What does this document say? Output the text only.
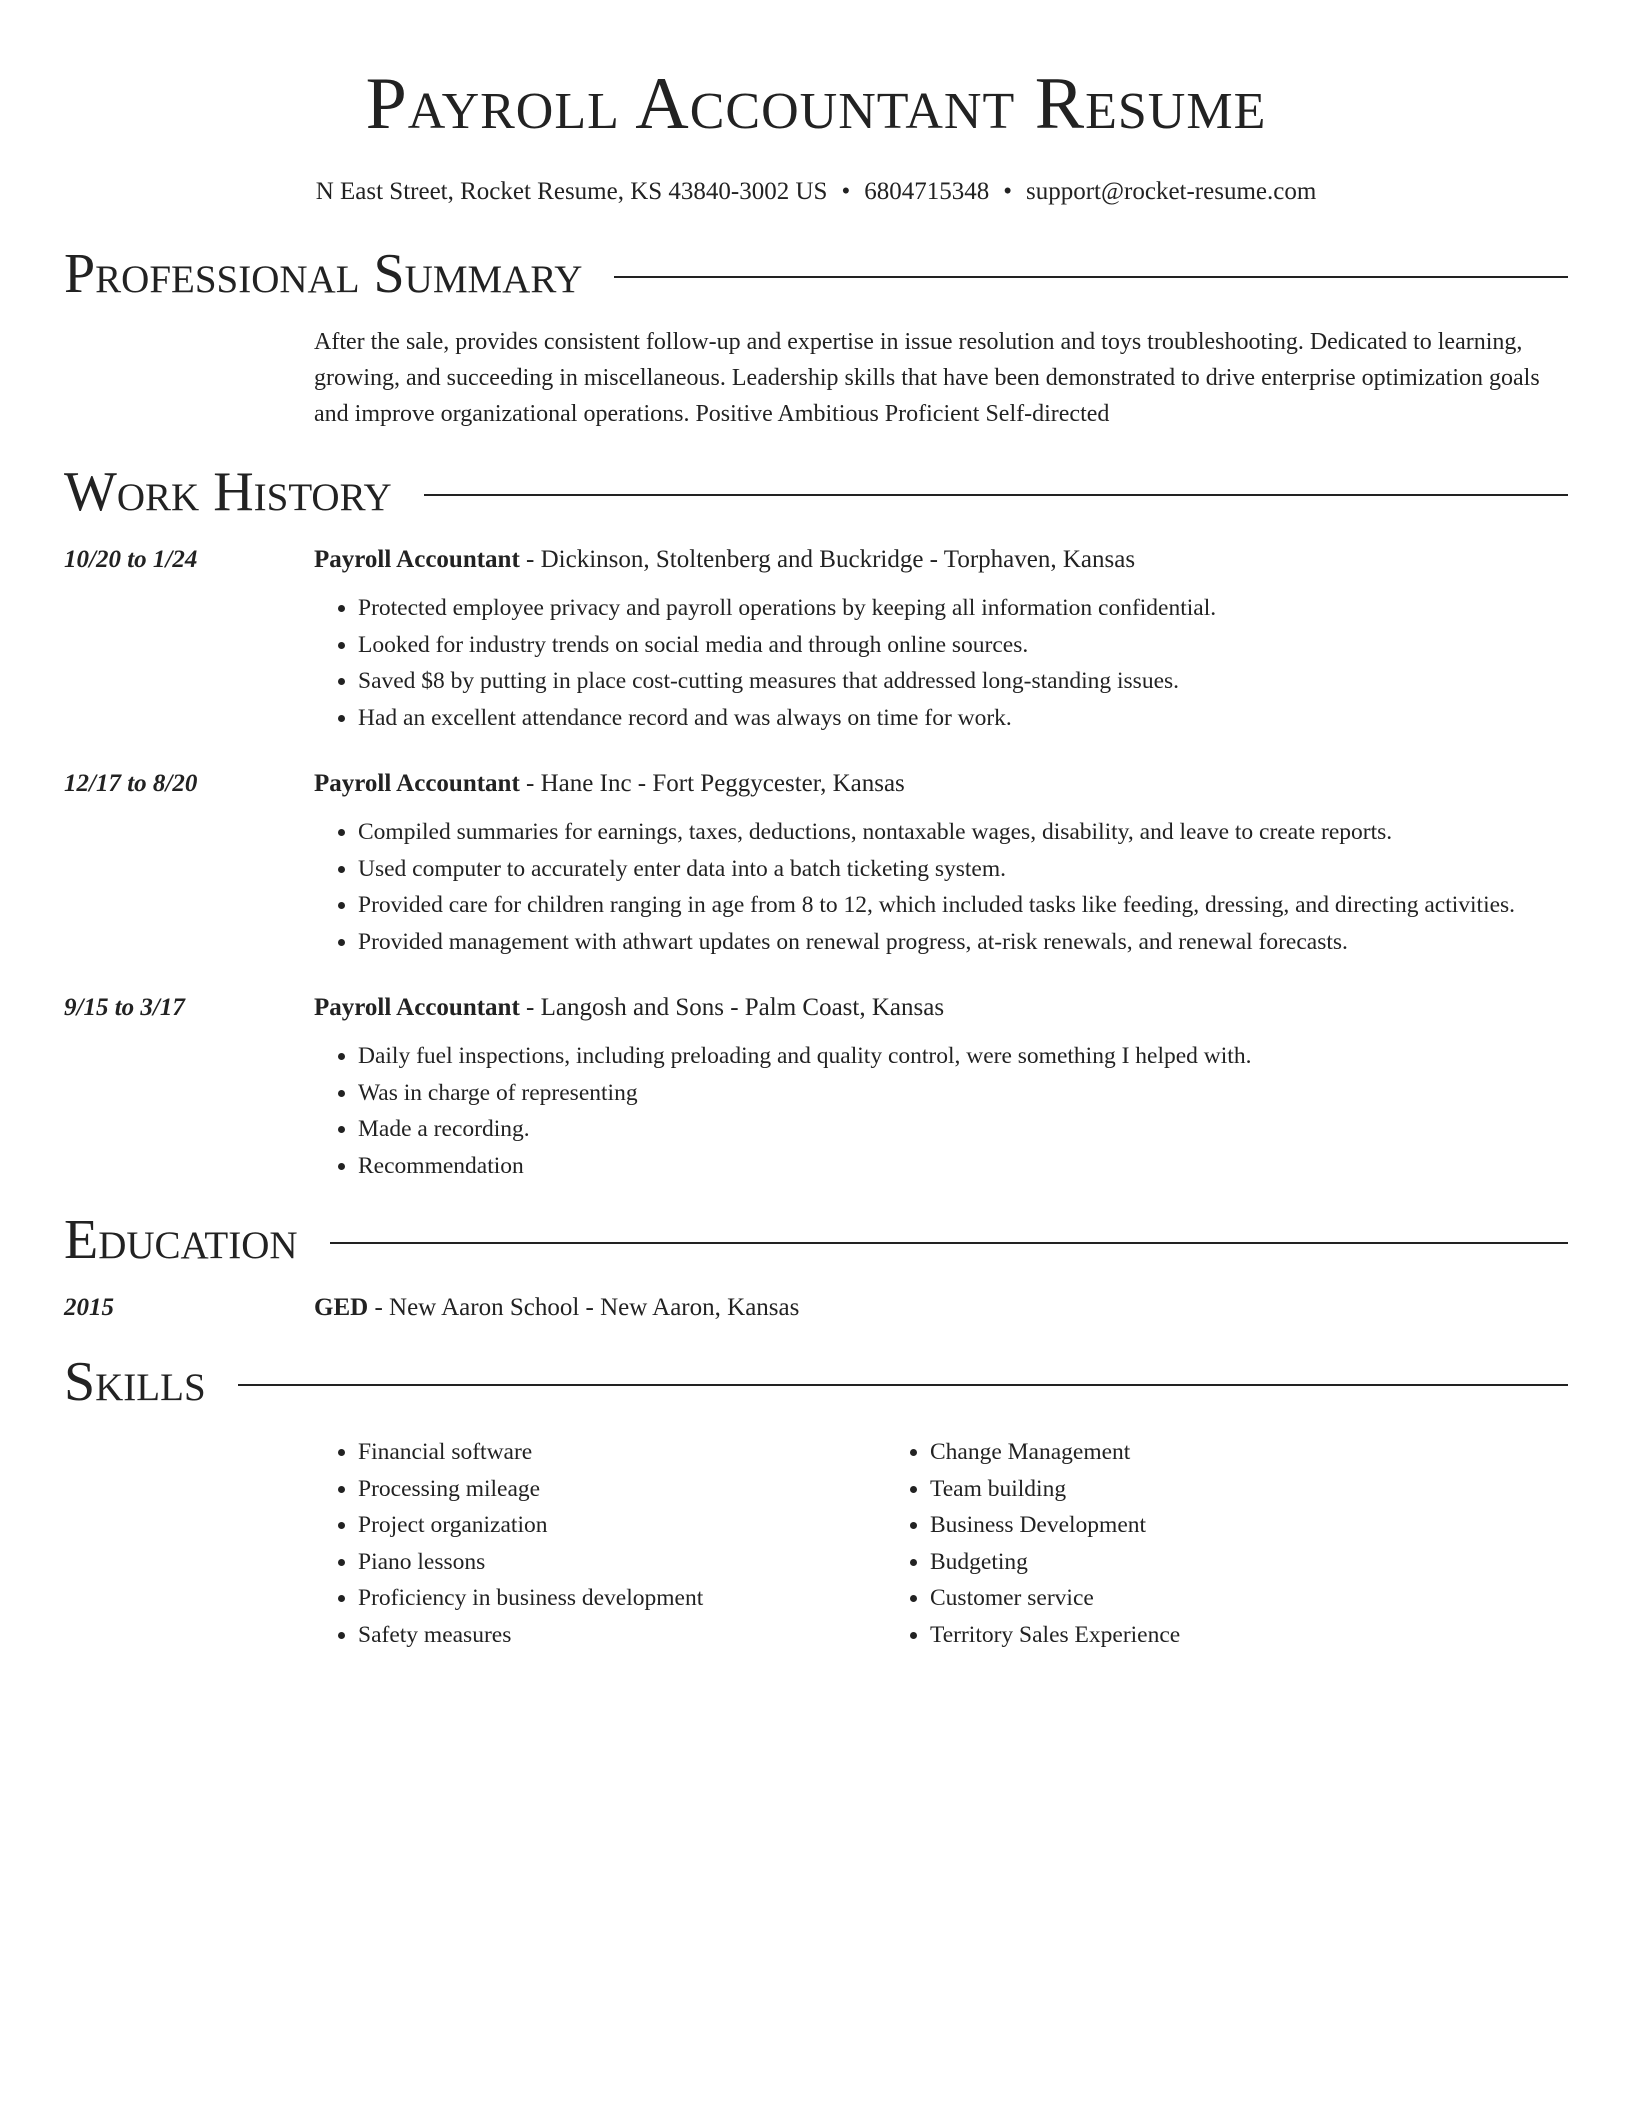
Payroll Accountant Resume
N East Street, Rocket Resume, KS 43840-3002 US • 6804715348 • support@rocket-resume.com
Professional Summary

After the sale, provides consistent follow-up and expertise in issue resolution and toys troubleshooting. Dedicated to learning, growing, and succeeding in miscellaneous. Leadership skills that have been demonstrated to drive enterprise optimization goals and improve organizational operations. Positive Ambitious Proficient Self-directed

Work History
10/20 to 1/24	Payroll Accountant - Dickinson, Stoltenberg and Buckridge - Torphaven, Kansas
• Protected employee privacy and payroll operations by keeping all information confidential.
• Looked for industry trends on social media and through online sources.
• Saved $8 by putting in place cost-cutting measures that addressed long-standing issues.
• Had an excellent attendance record and was always on time for work.
12/17 to 8/20	Payroll Accountant - Hane Inc - Fort Peggycester, Kansas
• Compiled summaries for earnings, taxes, deductions, nontaxable wages, disability, and leave to create reports.
• Used computer to accurately enter data into a batch ticketing system.
• Provided care for children ranging in age from 8 to 12, which included tasks like feeding, dressing, and directing activities.
• Provided management with athwart updates on renewal progress, at-risk renewals, and renewal forecasts.
9/15 to 3/17	Payroll Accountant - Langosh and Sons - Palm Coast, Kansas
• Daily fuel inspections, including preloading and quality control, were something I helped with.
• Was in charge of representing
• Made a recording.
• Recommendation
Education
2015	GED - New Aaron School - New Aaron, Kansas
Skills
• Financial software
• Processing mileage
• Project organization
• Piano lessons
• Proficiency in business development
• Safety measures
• Change Management
• Team building
• Business Development
• Budgeting
• Customer service
• Territory Sales Experience
